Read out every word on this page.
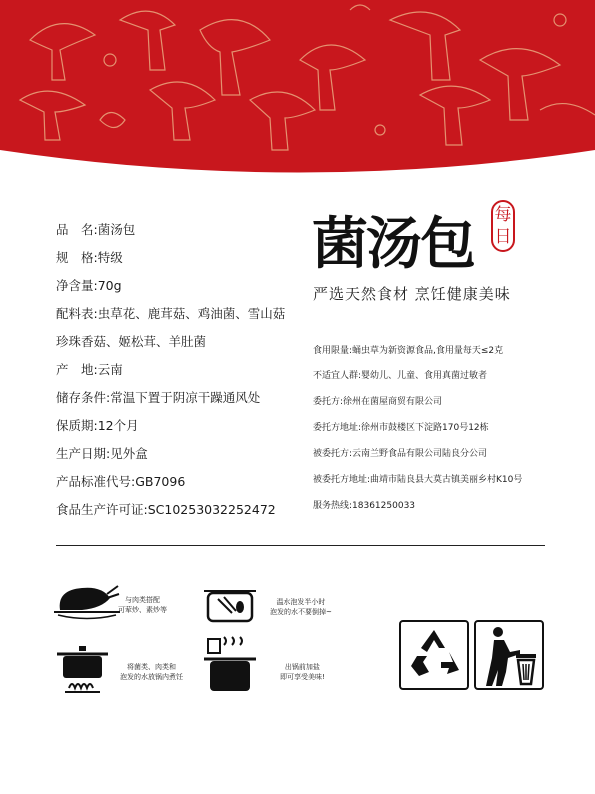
品　名:菌汤包
规　格:特级
净含量:70g
配料表:虫草花、鹿茸菇、鸡油菌、雪山菇
珍珠香菇、姬松茸、羊肚菌
产　地:云南
储存条件:常温下置于阴凉干躁通风处
保质期:12个月
生产日期:见外盒
产品标准代号:GB7096
食品生产许可证:SC10253032252472
菌汤包 每
日
严选天然食材 烹饪健康美味
食用限量:蛹虫草为新资源食品,食用量每天≤2克
不适宜人群:婴幼儿、儿童、食用真菌过敏者
委托方:徐州在菌屋商贸有限公司
委托方地址:徐州市鼓楼区下淀路170号12栋
被委托方:云南兰野食品有限公司陆良分公司
被委托方地址:曲靖市陆良县大莫古镇美丽乡村K10号
服务热线:18361250033
与肉类搭配
可荤炒、素炒等
温水泡发半小时
泡发的水不要倒掉~
将菌类、肉类和
泡发的水放锅内煮饪
出锅前加盐
即可享受美味!
